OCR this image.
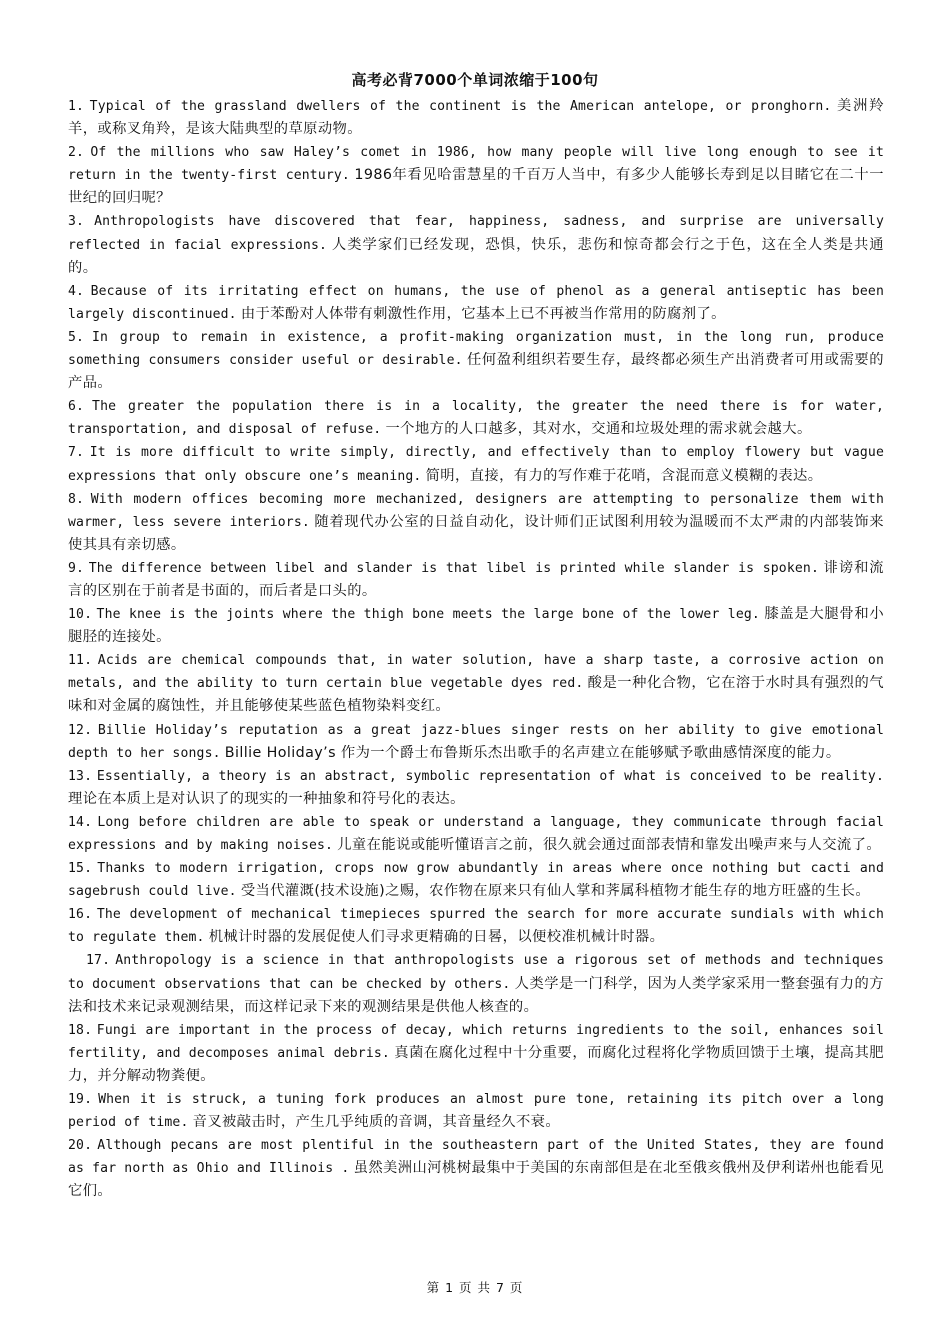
高考必背7000个单词浓缩于100句

1. Typical of the grassland dwellers of the continent is the American antelope, or pronghorn. 美洲羚羊，或称叉角羚，是该大陆典型的草原动物。

2. Of the millions who saw Haley’s comet in 1986, how many people will live long enough to see it return in the twenty-first century. 1986年看见哈雷慧星的千百万人当中，有多少人能够长寿到足以目睹它在二十一世纪的回归呢？

3. Anthropologists have discovered that fear, happiness, sadness, and surprise are universally reflected in facial expressions. 人类学家们已经发现，恐惧，快乐，悲伤和惊奇都会行之于色，这在全人类是共通的。

4. Because of its irritating effect on humans, the use of phenol as a general antiseptic has been largely discontinued. 由于苯酚对人体带有刺激性作用，它基本上已不再被当作常用的防腐剂了。

5. In group to remain in existence, a profit-making organization must, in the long run, produce something consumers consider useful or desirable. 任何盈利组织若要生存，最终都必须生产出消费者可用或需要的产品。

6. The greater the population there is in a locality, the greater the need there is for water, transportation, and disposal of refuse. 一个地方的人口越多，其对水，交通和垃圾处理的需求就会越大。

7. It is more difficult to write simply, directly, and effectively than to employ flowery but vague expressions that only obscure one’s meaning. 简明，直接，有力的写作难于花哨，含混而意义模糊的表达。

8. With modern offices becoming more mechanized, designers are attempting to personalize them with warmer, less severe interiors. 随着现代办公室的日益自动化，设计师们正试图利用较为温暖而不太严肃的内部装饰来使其具有亲切感。

9. The difference between libel and slander is that libel is printed while slander is spoken. 诽谤和流言的区别在于前者是书面的，而后者是口头的。

10. The knee is the joints where the thigh bone meets the large bone of the lower leg. 膝盖是大腿骨和小腿胫的连接处。

11. Acids are chemical compounds that, in water solution, have a sharp taste, a corrosive action on metals, and the ability to turn certain blue vegetable dyes red. 酸是一种化合物，它在溶于水时具有强烈的气味和对金属的腐蚀性，并且能够使某些蓝色植物染料变红。

12. Billie Holiday’s reputation as a great jazz-blues singer rests on her ability to give emotional depth to her songs. Billie Holiday’s 作为一个爵士布鲁斯乐杰出歌手的名声建立在能够赋予歌曲感情深度的能力。

13. Essentially, a theory is an abstract, symbolic representation of what is conceived to be reality. 理论在本质上是对认识了的现实的一种抽象和符号化的表达。

14. Long before children are able to speak or understand a language, they communicate through facial expressions and by making noises. 儿童在能说或能听懂语言之前，很久就会通过面部表情和靠发出噪声来与人交流了。

15. Thanks to modern irrigation, crops now grow abundantly in areas where once nothing but cacti and sagebrush could live. 受当代灌溉(技术设施)之赐，农作物在原来只有仙人掌和荠属科植物才能生存的地方旺盛的生长。

16. The development of mechanical timepieces spurred the search for more accurate sundials with which to regulate them. 机械计时器的发展促使人们寻求更精确的日晷，以便校准机械计时器。

17. Anthropology is a science in that anthropologists use a rigorous set of methods and techniques to document observations that can be checked by others. 人类学是一门科学，因为人类学家采用一整套强有力的方法和技术来记录观测结果，而这样记录下来的观测结果是供他人核查的。

18. Fungi are important in the process of decay, which returns ingredients to the soil, enhances soil fertility, and decomposes animal debris. 真菌在腐化过程中十分重要，而腐化过程将化学物质回馈于土壤，提高其肥力，并分解动物粪便。

19. When it is struck, a tuning fork produces an almost pure tone, retaining its pitch over a long period of time. 音叉被敲击时，产生几乎纯质的音调，其音量经久不衰。

20. Although pecans are most plentiful in the southeastern part of the United States, they are found as far north as Ohio and Illinois . 虽然美洲山河桃树最集中于美国的东南部但是在北至俄亥俄州及伊利诺州也能看见它们。

第 1 页 共 7 页
